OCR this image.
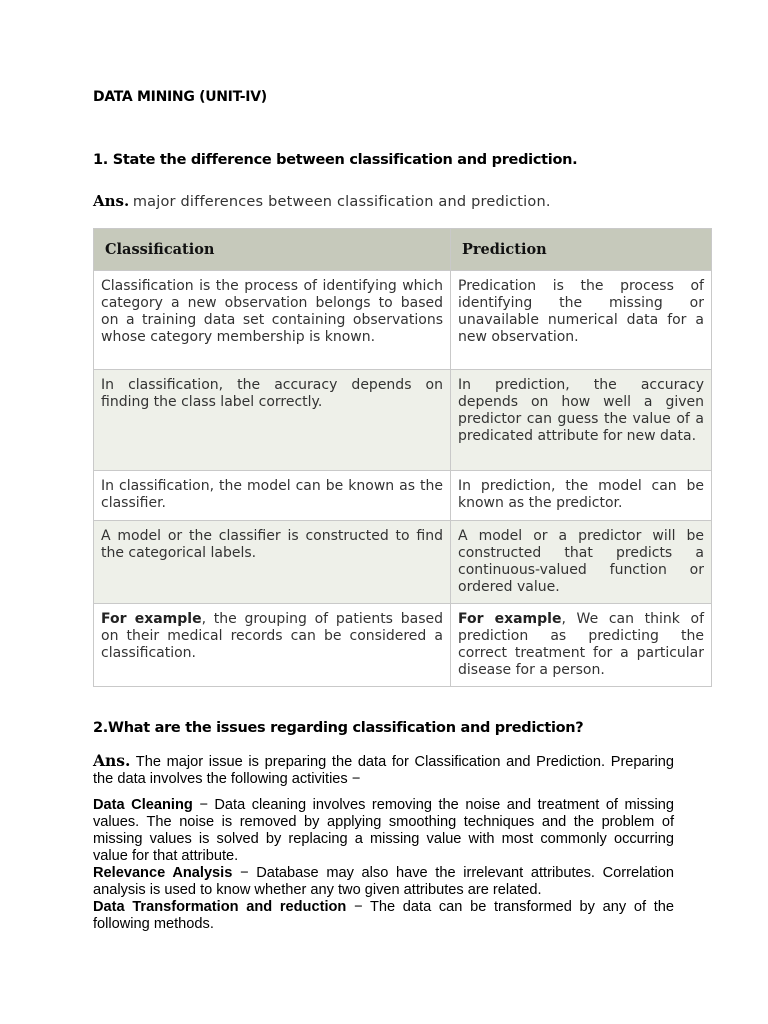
DATA MINING (UNIT-IV)
1. State the difference between classification and prediction.
Ans. major differences between classification and prediction.
Classification	Prediction
Classification is the process of identifying which category a new observation belongs to based on a training data set containing observations whose category membership is known.	Predication is the process of identifying the missing or unavailable numerical data for a new observation.
In classification, the accuracy depends on finding the class label correctly.	In prediction, the accuracy depends on how well a given predictor can guess the value of a predicated attribute for new data.
In classification, the model can be known as the classifier.	In prediction, the model can be known as the predictor.
A model or the classifier is constructed to find the categorical labels.	A model or a predictor will be constructed that predicts a continuous-valued function or ordered value.
For example, the grouping of patients based on their medical records can be considered a classification.	For example, We can think of prediction as predicting the correct treatment for a particular disease for a person.
2.What are the issues regarding classification and prediction?
Ans. The major issue is preparing the data for Classification and Prediction. Preparing the data involves the following activities −

Data Cleaning − Data cleaning involves removing the noise and treatment of missing values. The noise is removed by applying smoothing techniques and the problem of missing values is solved by replacing a missing value with most commonly occurring value for that attribute.

Relevance Analysis − Database may also have the irrelevant attributes. Correlation analysis is used to know whether any two given attributes are related.

Data Transformation and reduction − The data can be transformed by any of the following methods.
